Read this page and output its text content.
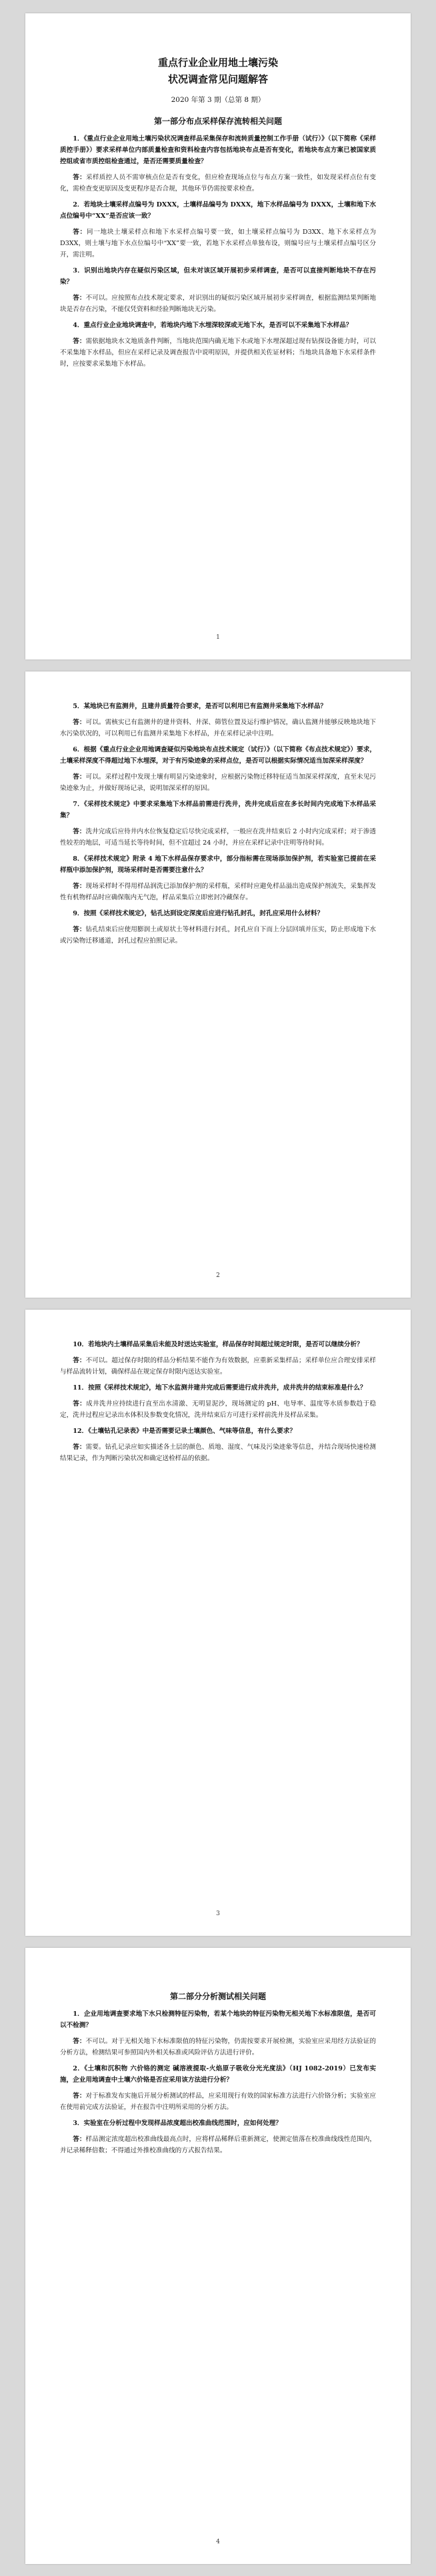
重点行业企业用地土壤污染
状况调查常见问题解答
2020 年第 3 期（总第 8 期）
第一部分布点采样保存流转相关问题

1．《重点行业企业用地土壤污染状况调查样品采集保存和流转质量控制工作手册（试行）》（以下简称《采样质控手册》）要求采样单位内部质量检查和资料检查内容包括地块布点是否有变化，若地块布点方案已被国家质控组或省市质控组检查通过，是否还需要质量检查？

答：采样质控人员不需审核点位是否有变化，但应检查现场点位与布点方案一致性，如发现采样点位有变化，需检查变更原因及变更程序是否合规，其他环节仍需按要求检查。

2．若地块土壤采样点编号为 DXXX，土壤样品编号为 DXXX，地下水样品编号为 DXXX，土壤和地下水点位编号中“XX”是否应该一致？

答：同一地块土壤采样点和地下水采样点编号要一致，如土壤采样点编号为 D3XX、地下水采样点为 D3XX，则土壤与地下水点位编号中“XX”要一致，若地下水采样点单独布设，则编号应与土壤采样点编号区分开，需注明。

3．识别出地块内存在疑似污染区域，但未对该区域开展初步采样调查，是否可以直接判断地块不存在污染？

答：不可以。应按照布点技术规定要求，对识别出的疑似污染区域开展初步采样调查，根据监测结果判断地块是否存在污染，不能仅凭资料和经验判断地块无污染。

4．重点行业企业地块调查中，若地块内地下水埋深较深或无地下水，是否可以不采集地下水样品？

答：需依据地块水文地质条件判断，当地块范围内确无地下水或地下水埋深超过现有钻探设备能力时，可以不采集地下水样品，但应在采样记录及调查报告中说明原因，并提供相关佐证材料；当地块具备地下水采样条件时，应按要求采集地下水样品。

1

5．某地块已有监测井，且建井质量符合要求，是否可以利用已有监测井采集地下水样品？

答：可以。需核实已有监测井的建井资料、井深、筛管位置及运行维护情况，确认监测井能够反映地块地下水污染状况的，可以利用已有监测井采集地下水样品，并在采样记录中注明。

6．根据《重点行业企业用地调查疑似污染地块布点技术规定（试行）》（以下简称《布点技术规定》）要求，土壤采样深度不得超过地下水埋深，对于有污染迹象的采样点位，是否可以根据实际情况适当加深采样深度？

答：可以。采样过程中发现土壤有明显污染迹象时，应根据污染物迁移特征适当加深采样深度，直至未见污染迹象为止，并做好现场记录，说明加深采样的原因。

7．《采样技术规定》中要求采集地下水样品前需进行洗井，洗井完成后应在多长时间内完成地下水样品采集？

答：洗井完成后应待井内水位恢复稳定后尽快完成采样，一般应在洗井结束后 2 小时内完成采样；对于渗透性较差的地层，可适当延长等待时间，但不宜超过 24 小时，并应在采样记录中注明等待时间。

8．《采样技术规定》附录 4 地下水样品保存要求中，部分指标需在现场添加保护剂，若实验室已提前在采样瓶中添加保护剂，现场采样时是否需要注意什么？

答：现场采样时不得用样品润洗已添加保护剂的采样瓶，采样时应避免样品溢出造成保护剂流失，采集挥发性有机物样品时应确保瓶内无气泡，样品采集后立即密封冷藏保存。

9．按照《采样技术规定》，钻孔达到设定深度后应进行钻孔封孔，封孔应采用什么材料？

答：钻孔结束后应使用膨润土或原状土等材料进行封孔，封孔应自下而上分层回填并压实，防止形成地下水或污染物迁移通道，封孔过程应拍照记录。

2

10．若地块内土壤样品采集后未能及时送达实验室，样品保存时间超过规定时限，是否可以继续分析？

答：不可以。超过保存时限的样品分析结果不能作为有效数据，应重新采集样品；采样单位应合理安排采样与样品流转计划，确保样品在规定保存时限内送达实验室。

11．按照《采样技术规定》，地下水监测井建井完成后需要进行成井洗井，成井洗井的结束标准是什么？

答：成井洗井应持续进行直至出水清澈、无明显泥沙，现场测定的 pH、电导率、温度等水质参数趋于稳定，洗井过程应记录出水体积及参数变化情况，洗井结束后方可进行采样前洗井及样品采集。

12．《土壤钻孔记录表》中是否需要记录土壤颜色、气味等信息，有什么要求？

答：需要。钻孔记录应如实描述各土层的颜色、质地、湿度、气味及污染迹象等信息，并结合现场快速检测结果记录，作为判断污染状况和确定送检样品的依据。

3
第二部分分析测试相关问题

1．企业用地调查要求地下水只检测特征污染物，若某个地块的特征污染物无相关地下水标准限值，是否可以不检测？

答：不可以。对于无相关地下水标准限值的特征污染物，仍需按要求开展检测，实验室应采用经方法验证的分析方法，检测结果可参照国内外相关标准或风险评估方法进行评价。

2．《土壤和沉积物 六价铬的测定 碱溶液提取-火焰原子吸收分光光度法》（HJ 1082-2019）已发布实施，企业用地调查中土壤六价铬是否应采用该方法进行分析？

答：对于标准发布实施后开展分析测试的样品，应采用现行有效的国家标准方法进行六价铬分析；实验室应在使用前完成方法验证，并在报告中注明所采用的分析方法。

3．实验室在分析过程中发现样品浓度超出校准曲线范围时，应如何处理？

答：样品测定浓度超出校准曲线最高点时，应将样品稀释后重新测定，使测定值落在校准曲线线性范围内，并记录稀释倍数；不得通过外推校准曲线的方式报告结果。

4
